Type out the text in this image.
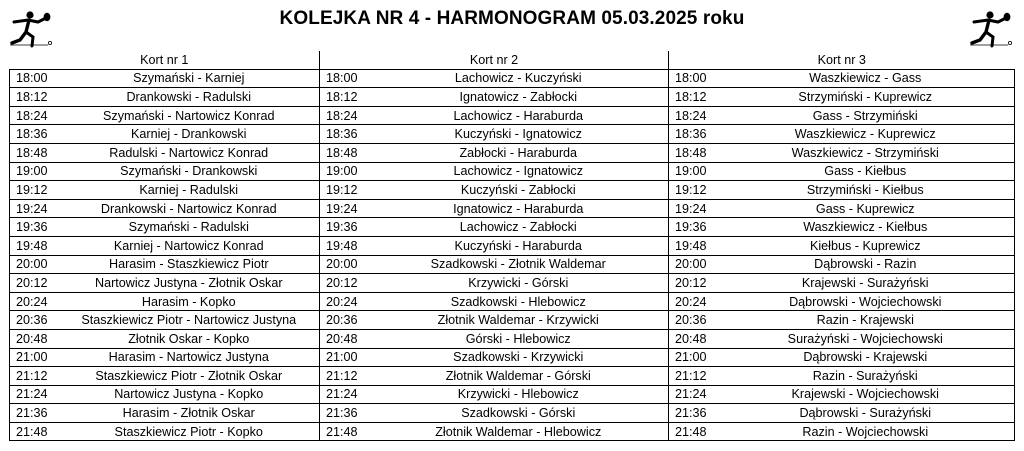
KOLEJKA NR 4 - HARMONOGRAM 05.03.2025 roku
Kort nr 1		Kort nr 2		Kort nr 3	
18:00	Szymański - Karniej	18:00	Lachowicz - Kuczyński	18:00	Waszkiewicz - Gass
18:12	Drankowski - Radulski	18:12	Ignatowicz - Zabłocki	18:12	Strzymiński - Kuprewicz
18:24	Szymański - Nartowicz Konrad	18:24	Lachowicz - Haraburda	18:24	Gass - Strzymiński
18:36	Karniej - Drankowski	18:36	Kuczyński - Ignatowicz	18:36	Waszkiewicz - Kuprewicz
18:48	Radulski - Nartowicz Konrad	18:48	Zabłocki - Haraburda	18:48	Waszkiewicz - Strzymiński
19:00	Szymański - Drankowski	19:00	Lachowicz - Ignatowicz	19:00	Gass - Kiełbus
19:12	Karniej - Radulski	19:12	Kuczyński - Zabłocki	19:12	Strzymiński - Kiełbus
19:24	Drankowski - Nartowicz Konrad	19:24	Ignatowicz - Haraburda	19:24	Gass - Kuprewicz
19:36	Szymański - Radulski	19:36	Lachowicz - Zabłocki	19:36	Waszkiewicz - Kiełbus
19:48	Karniej - Nartowicz Konrad	19:48	Kuczyński - Haraburda	19:48	Kiełbus - Kuprewicz
20:00	Harasim - Staszkiewicz Piotr	20:00	Szadkowski - Złotnik Waldemar	20:00	Dąbrowski - Razin
20:12	Nartowicz Justyna - Złotnik Oskar	20:12	Krzywicki - Górski	20:12	Krajewski - Surażyński
20:24	Harasim - Kopko	20:24	Szadkowski - Hlebowicz	20:24	Dąbrowski - Wojciechowski
20:36	Staszkiewicz Piotr - Nartowicz Justyna	20:36	Złotnik Waldemar - Krzywicki	20:36	Razin - Krajewski
20:48	Złotnik Oskar - Kopko	20:48	Górski - Hlebowicz	20:48	Surażyński - Wojciechowski
21:00	Harasim - Nartowicz Justyna	21:00	Szadkowski - Krzywicki	21:00	Dąbrowski - Krajewski
21:12	Staszkiewicz Piotr - Złotnik Oskar	21:12	Złotnik Waldemar - Górski	21:12	Razin - Surażyński
21:24	Nartowicz Justyna - Kopko	21:24	Krzywicki - Hlebowicz	21:24	Krajewski - Wojciechowski
21:36	Harasim - Złotnik Oskar	21:36	Szadkowski - Górski	21:36	Dąbrowski - Surażyński
21:48	Staszkiewicz Piotr - Kopko	21:48	Złotnik Waldemar - Hlebowicz	21:48	Razin - Wojciechowski
